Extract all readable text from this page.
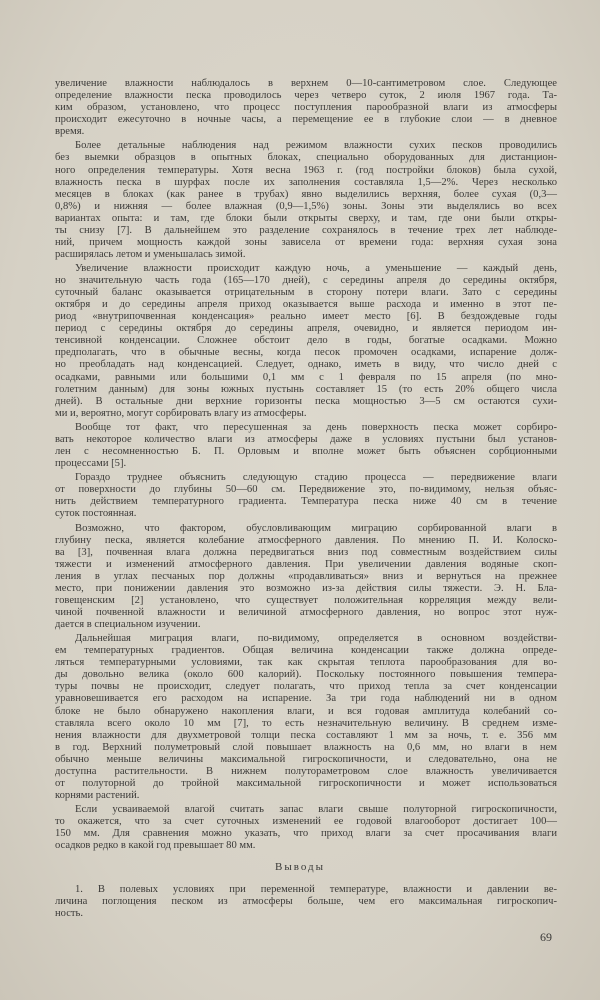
увеличение влажности наблюдалось в верхнем 0—10-сантиметровом слое. Следующее
определение влажности песка проводилось через четверо суток, 2 июля 1967 года. Та-
ким образом, установлено, что процесс поступления парообразной влаги из атмосферы
происходит ежесуточно в ночные часы, а перемещение ее в глубокие слои — в дневное
время.
Более детальные наблюдения над режимом влажности сухих песков проводились
без выемки образцов в опытных блоках, специально оборудованных для дистанцион-
ного определения температуры. Хотя весна 1963 г. (год постройки блоков) была сухой,
влажность песка в шурфах после их заполнения составляла 1,5—2%. Через несколько
месяцев в блоках (как ранее в трубах) явно выделились верхняя, более сухая (0,3—
0,8%) и нижняя — более влажная (0,9—1,5%) зоны. Зоны эти выделялись во всех
вариантах опыта: и там, где блоки были открыты сверху, и там, где они были откры-
ты снизу [7]. В дальнейшем это разделение сохранялось в течение трех лет наблюде-
ний, причем мощность каждой зоны зависела от времени года: верхняя сухая зона
расширялась летом и уменьшалась зимой.
Увеличение влажности происходит каждую ночь, а уменьшение — каждый день,
но значительную часть года (165—170 дней), с середины апреля до середины октября,
суточный баланс оказывается отрицательным в сторону потери влаги. Зато с середины
октября и до середины апреля приход оказывается выше расхода и именно в этот пе-
риод «внутрипочвенная конденсация» реально имеет место [6]. В бездождевые годы
период с середины октября до середины апреля, очевидно, и является периодом ин-
тенсивной конденсации. Сложнее обстоит дело в годы, богатые осадками. Можно
предполагать, что в обычные весны, когда песок промочен осадками, испарение долж-
но преобладать над конденсацией. Следует, однако, иметь в виду, что число дней с
осадками, равными или большими 0,1 мм с 1 февраля по 15 апреля (по мно-
голетним данным) для зоны южных пустынь составляет 15 (то есть 20% общего числа
дней). В остальные дни верхние горизонты песка мощностью 3—5 см остаются сухи-
ми и, вероятно, могут сорбировать влагу из атмосферы.
Вообще тот факт, что пересушенная за день поверхность песка может сорбиро-
вать некоторое количество влаги из атмосферы даже в условиях пустыни был установ-
лен с несомненностью Б. П. Орловым и вполне может быть объяснен сорбционными
процессами [5].
Гораздо труднее объяснить следующую стадию процесса — передвижение влаги
от поверхности до глубины 50—60 см. Передвижение это, по-видимому, нельзя объяс-
нить действием температурного градиента. Температура песка ниже 40 см в течение
суток постоянная.
Возможно, что фактором, обусловливающим миграцию сорбированной влаги в
глубину песка, является колебание атмосферного давления. По мнению П. И. Колоско-
ва [3], почвенная влага должна передвигаться вниз под совместным воздействием силы
тяжести и изменений атмосферного давления. При увеличении давления водяные скоп-
ления в углах песчаных пор должны «продавливаться» вниз и вернуться на прежнее
место, при понижении давления это возможно из-за действия силы тяжести. Э. Н. Бла-
говещенским [2] установлено, что существует положительная корреляция между вели-
чиной почвенной влажности и величиной атмосферного давления, но вопрос этот нуж-
дается в специальном изучении.
Дальнейшая миграция влаги, по-видимому, определяется в основном воздействи-
ем температурных градиентов. Общая величина конденсации также должна опреде-
ляться температурными условиями, так как скрытая теплота парообразования для во-
ды довольно велика (около 600 калорий). Поскольку постоянного повышения темпера-
туры почвы не происходит, следует полагать, что приход тепла за счет конденсации
уравновешивается его расходом на испарение. За три года наблюдений ни в одном
блоке не было обнаружено накопления влаги, и вся годовая амплитуда колебаний со-
ставляла всего около 10 мм [7], то есть незначительную величину. В среднем изме-
нения влажности для двухметровой толщи песка составляют 1 мм за ночь, т. е. 356 мм
в год. Верхний полуметровый слой повышает влажность на 0,6 мм, но влаги в нем
обычно меньше величины максимальной гигроскопичности, и следовательно, она не
доступна растительности. В нижнем полутораметровом слое влажность увеличивается
от полуторной до тройной максимальной гигроскопичности и может использоваться
корнями растений.
Если усваиваемой влагой считать запас влаги свыше полуторной гигроскопичности,
то окажется, что за счет суточных изменений ее годовой влагооборот достигает 100—
150 мм. Для сравнения можно указать, что приход влаги за счет просачивания влаги
осадков редко в какой год превышает 80 мм.
Выводы
1. В полевых условиях при переменной температуре, влажности и давлении ве-
личина поглощения песком из атмосферы больше, чем его максимальная гигроскопич-
ность.
69
